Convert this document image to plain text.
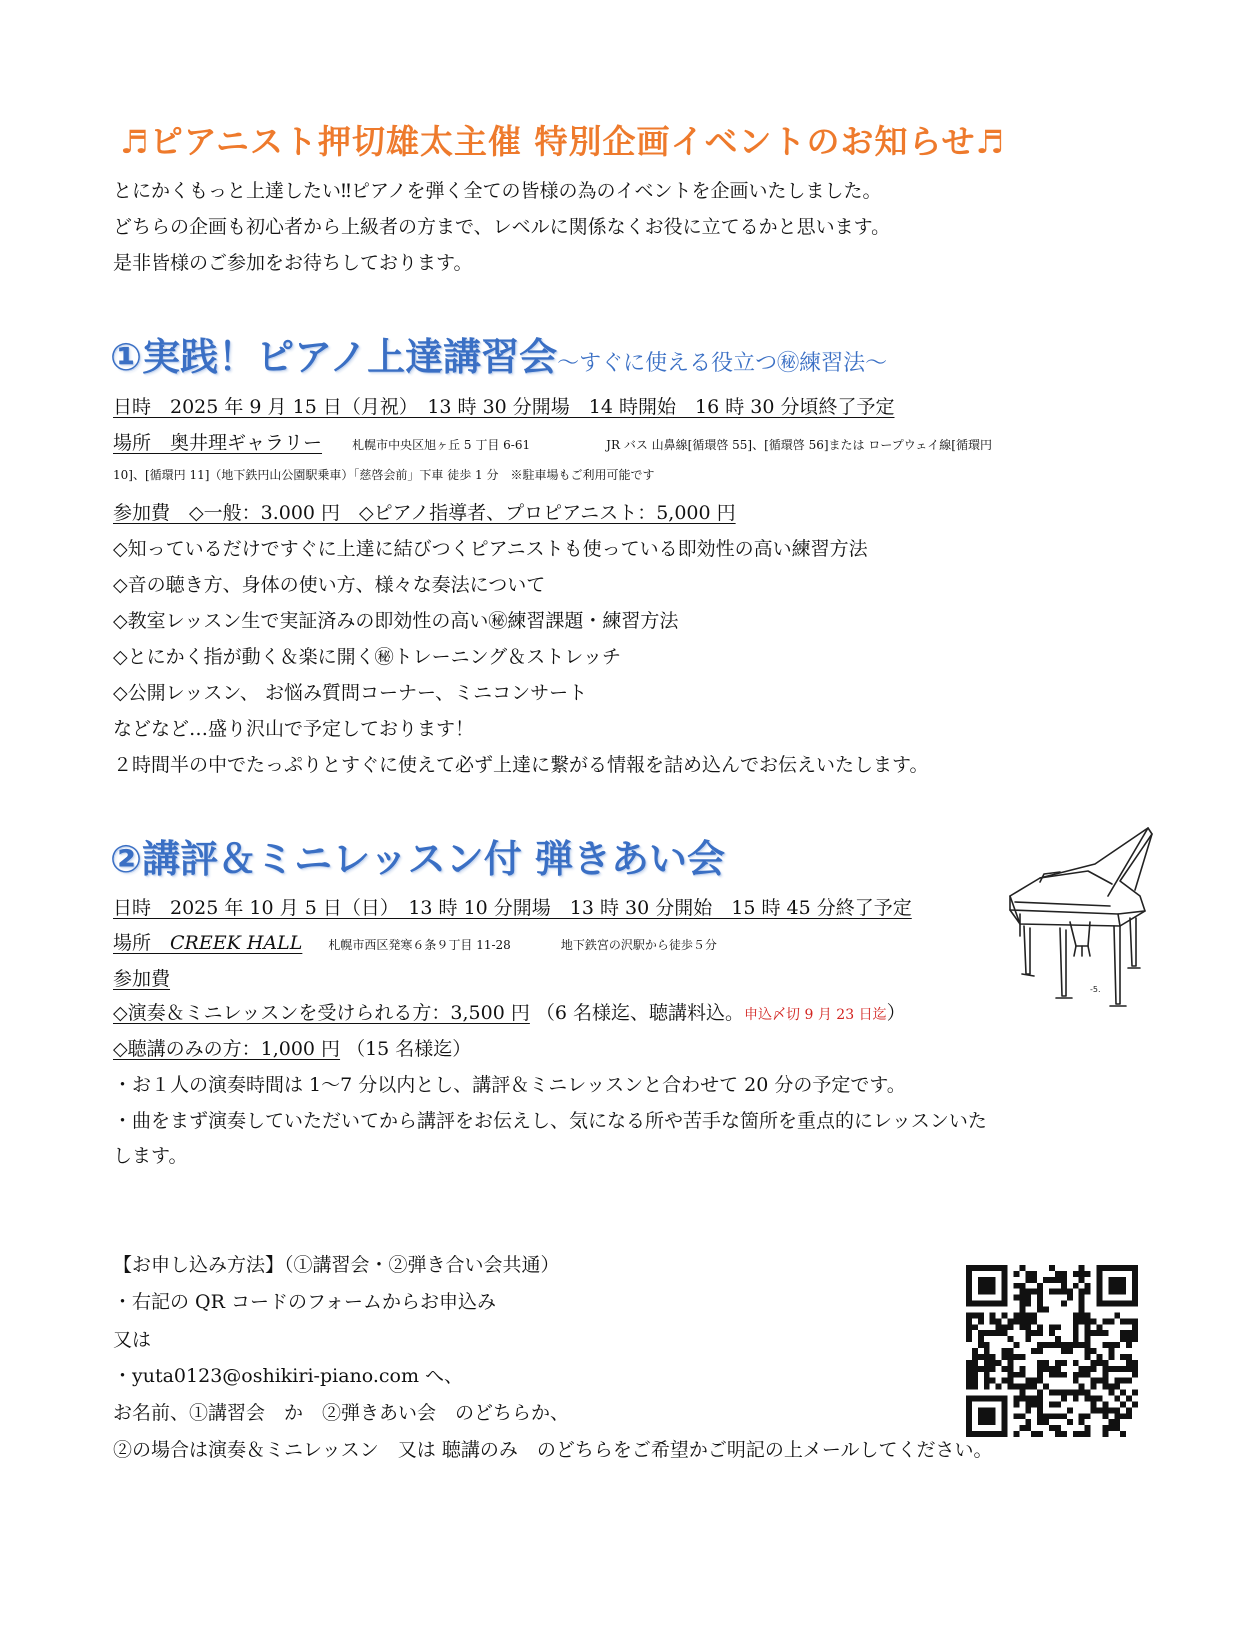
♬ピアニスト押切雄太主催 特別企画イベントのお知らせ♬
とにかくもっと上達したい‼ピアノを弾く全ての皆様の為のイベントを企画いたしました。
どちらの企画も初心者から上級者の方まで、レベルに関係なくお役に立てるかと思います。
是非皆様のご参加をお待ちしております。
①実践！ピアノ上達講習会～すぐに使える役立つ㊙練習法～
日時　2025 年 9 月 15 日（月祝）　13 時 30 分開場　14 時開始　16 時 30 分頃終了予定
場所　奥井理ギャラリー	札幌市中央区旭ヶ丘 5 丁目 6-61	JR バス 山鼻線[循環啓 55]、[循環啓 56]または ロープウェイ線[循環円
10]、[循環円 11]（地下鉄円山公園駅乗車）「慈啓会前」下車 徒歩 1 分　※駐車場もご利用可能です
参加費　◇一般：3.000 円　◇ピアノ指導者、プロピアニスト：5,000 円
◇知っているだけですぐに上達に結びつくピアニストも使っている即効性の高い練習方法
◇音の聴き方、身体の使い方、様々な奏法について
◇教室レッスン生で実証済みの即効性の高い㊙練習課題・練習方法
◇とにかく指が動く＆楽に開く㊙トレーニング＆ストレッチ
◇公開レッスン、 お悩み質問コーナー、ミニコンサート
などなど…盛り沢山で予定しております！
２時間半の中でたっぷりとすぐに使えて必ず上達に繋がる情報を詰め込んでお伝えいたします。
②講評＆ミニレッスン付 弾きあい会
日時　2025 年 10 月 5 日（日）　13 時 10 分開場　13 時 30 分開始　15 時 45 分終了予定
場所　CREEK HALL 札幌市西区発寒６条９丁目 11-28	地下鉄宮の沢駅から徒歩５分
参加費
◇演奏＆ミニレッスンを受けられる方：3,500 円 （6 名様迄、聴講料込。申込〆切 9 月 23 日迄）
◇聴講のみの方：1,000 円 （15 名様迄）
・お１人の演奏時間は 1～7 分以内とし、講評＆ミニレッスンと合わせて 20 分の予定です。
・曲をまず演奏していただいてから講評をお伝えし、気になる所や苦手な箇所を重点的にレッスンいた
します。
-5.
【お申し込み方法】（①講習会・②弾き合い会共通）
・右記の QR コードのフォームからお申込み
又は
・yuta0123@oshikiri-piano.com へ、
お名前、①講習会　か　②弾きあい会　のどちらか、
②の場合は演奏＆ミニレッスン　又は 聴講のみ　のどちらをご希望かご明記の上メールしてください。
